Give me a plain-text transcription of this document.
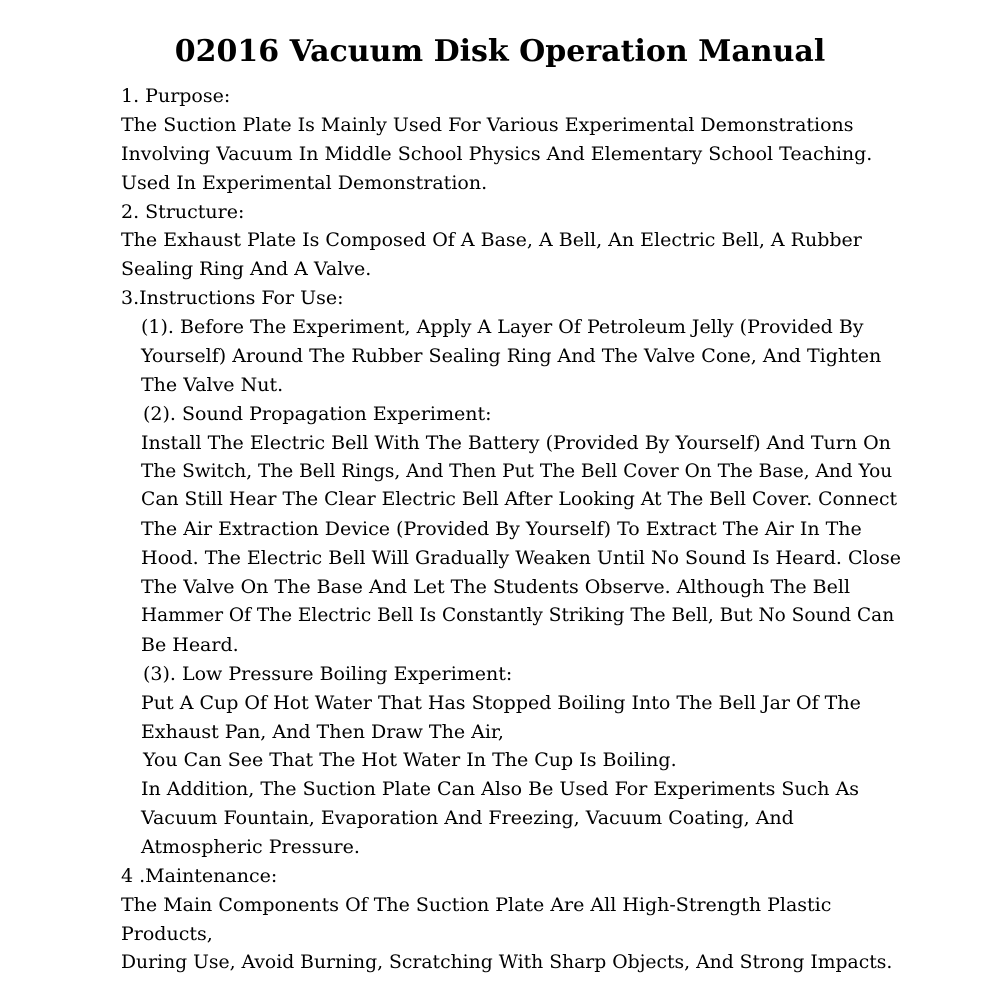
02016 Vacuum Disk Operation Manual
1. Purpose:
The Suction Plate Is Mainly Used For Various Experimental Demonstrations
Involving Vacuum In Middle School Physics And Elementary School Teaching.
Used In Experimental Demonstration.
2. Structure:
The Exhaust Plate Is Composed Of A Base, A Bell, An Electric Bell, A Rubber
Sealing Ring And A Valve.
3.Instructions For Use:
(1). Before The Experiment, Apply A Layer Of Petroleum Jelly (Provided By
Yourself) Around The Rubber Sealing Ring And The Valve Cone, And Tighten
The Valve Nut.
(2). Sound Propagation Experiment:
Install The Electric Bell With The Battery (Provided By Yourself) And Turn On
The Switch, The Bell Rings, And Then Put The Bell Cover On The Base, And You
Can Still Hear The Clear Electric Bell After Looking At The Bell Cover. Connect
The Air Extraction Device (Provided By Yourself) To Extract The Air In The
Hood. The Electric Bell Will Gradually Weaken Until No Sound Is Heard. Close
The Valve On The Base And Let The Students Observe. Although The Bell
Hammer Of The Electric Bell Is Constantly Striking The Bell, But No Sound Can
Be Heard.
(3). Low Pressure Boiling Experiment:
Put A Cup Of Hot Water That Has Stopped Boiling Into The Bell Jar Of The
Exhaust Pan, And Then Draw The Air,
You Can See That The Hot Water In The Cup Is Boiling.
In Addition, The Suction Plate Can Also Be Used For Experiments Such As
Vacuum Fountain, Evaporation And Freezing, Vacuum Coating, And
Atmospheric Pressure.
4 .Maintenance:
The Main Components Of The Suction Plate Are All High-Strength Plastic
Products,
During Use, Avoid Burning, Scratching With Sharp Objects, And Strong Impacts.
